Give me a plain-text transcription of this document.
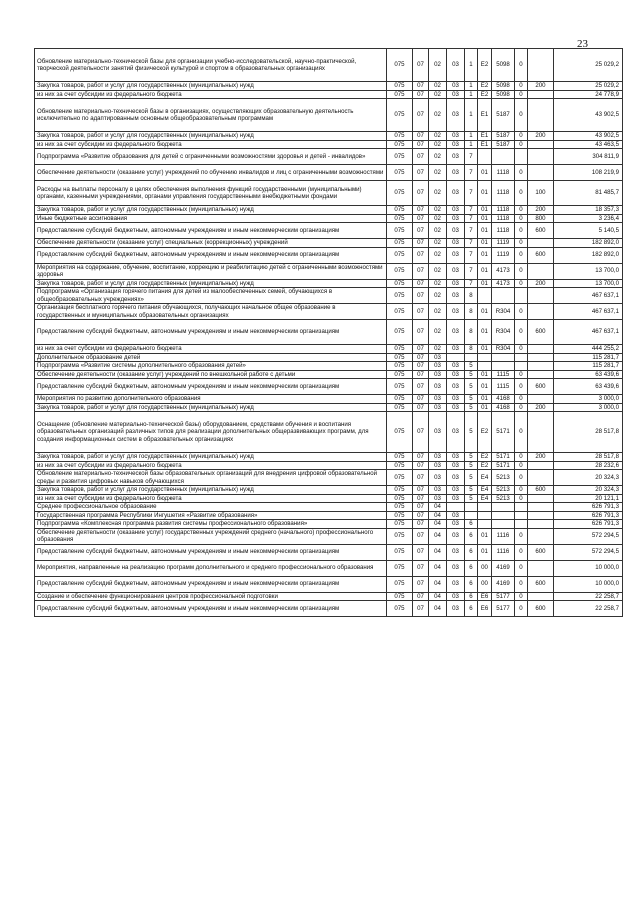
23
Обновление материально-технической базы для организации учебно-исследовательской, научно-практической, творческой деятельности занятий физической культурой и спортом в образовательных организациях	075	07	02	03	1	E2	5098	0		25 029,2
Закупка товаров, работ и услуг для государственных (муниципальных) нужд	075	07	02	03	1	E2	5098	0	200	25 029,2
из них за счет субсидии из федерального бюджета	075	07	02	03	1	E2	5098	0		24 778,9
Обновление материально-технической базы в организациях, осуществляющих образовательную деятельность исключительно по адаптированным основным общеобразовательным программам	075	07	02	03	1	E1	5187	0		43 902,5
Закупка товаров, работ и услуг для государственных (муниципальных) нужд	075	07	02	03	1	E1	5187	0	200	43 902,5
из них за счет субсидии из федерального бюджета	075	07	02	03	1	E1	5187	0		43 463,5
Подпрограмма «Развитие образования для детей с ограниченными возможностями здоровья и детей - инвалидов»	075	07	02	03	7					304 811,9
Обеспечение деятельности (оказание услуг) учреждений по обучению инвалидов и лиц с ограниченными возможностями	075	07	02	03	7	01	1118	0		108 219,9
Расходы на выплаты персоналу в целях обеспечения выполнения функций государственными (муниципальными) органами, казенными учреждениями, органами управления государственными внебюджетными фондами	075	07	02	03	7	01	1118	0	100	81 485,7
Закупка товаров, работ и услуг для государственных (муниципальных) нужд	075	07	02	03	7	01	1118	0	200	18 357,3
Иные бюджетные ассигнования	075	07	02	03	7	01	1118	0	800	3 236,4
Предоставление субсидий бюджетным, автономным учреждениям и иным некоммерческим организациям	075	07	02	03	7	01	1118	0	600	5 140,5
Обеспечение деятельности (оказание услуг) специальных (коррекционных) учреждений	075	07	02	03	7	01	1119	0		182 892,0
Предоставление субсидий бюджетным, автономным учреждениям и иным некоммерческим организациям	075	07	02	03	7	01	1119	0	600	182 892,0
Мероприятия на содержание, обучение, воспитание, коррекцию и реабилитацию детей с ограниченными возможностями здоровья	075	07	02	03	7	01	4173	0		13 700,0
Закупка товаров, работ и услуг для государственных (муниципальных) нужд	075	07	02	03	7	01	4173	0	200	13 700,0
Подпрограмма «Организация горячего питания для детей из малообеспеченных семей, обучающихся в общеобразовательных учреждениях»	075	07	02	03	8					467 637,1
Организация бесплатного горячего питания обучающихся, получающих начальное общее образование в государственных и муниципальных образовательных организациях	075	07	02	03	8	01	R304	0		467 637,1
Предоставление субсидий бюджетным, автономным учреждениям и иным некоммерческим организациям	075	07	02	03	8	01	R304	0	600	467 637,1
из них за счет субсидии из федерального бюджета	075	07	02	03	8	01	R304	0		444 255,2
Дополнительное образование детей	075	07	03							115 281,7
Подпрограмма «Развитие системы дополнительного образования детей»	075	07	03	03	5					115 281,7
Обеспечение деятельности (оказание услуг) учреждений по внешкольной работе с детьми	075	07	03	03	5	01	1115	0		63 439,6
Предоставление субсидий бюджетным, автономным учреждениям и иным некоммерческим организациям	075	07	03	03	5	01	1115	0	600	63 439,6
Мероприятия по развитию дополнительного образования	075	07	03	03	5	01	4168	0		3 000,0
Закупка товаров, работ и услуг для государственных (муниципальных) нужд	075	07	03	03	5	01	4168	0	200	3 000,0
Оснащение (обновление материально-технической базы) оборудованием, средствами обучения и воспитания образовательных организаций различных типов для реализации дополнительных общеразвивающих программ, для создания информационных систем в образовательных организациях	075	07	03	03	5	E2	5171	0		28 517,8
Закупка товаров, работ и услуг для государственных (муниципальных) нужд	075	07	03	03	5	E2	5171	0	200	28 517,8
из них за счет субсидии из федерального бюджета	075	07	03	03	5	E2	5171	0		28 232,6
Обновление материально-технической базы образовательных организаций для внедрения цифровой образовательной среды и развития цифровых навыков обучающихся	075	07	03	03	5	E4	5213	0		20 324,3
Закупка товаров, работ и услуг для государственных (муниципальных) нужд	075	07	03	03	5	E4	5213	0	600	20 324,3
из них за счет субсидии из федерального бюджета	075	07	03	03	5	E4	5213	0		20 121,1
Среднее профессиональное образование	075	07	04							626 791,3
Государственная программа Республики Ингушетия «Развитие образования»	075	07	04	03						626 791,3
Подпрограмма «Комплексная программа развития системы профессионального образования»	075	07	04	03	6					626 791,3
Обеспечение деятельности (оказание услуг) государственных учреждений среднего (начального) профессионального образования	075	07	04	03	6	01	1116	0		572 294,5
Предоставление субсидий бюджетным, автономным учреждениям и иным некоммерческим организациям	075	07	04	03	6	01	1116	0	600	572 294,5
Мероприятия, направленные на реализацию программ дополнительного и среднего профессионального образования	075	07	04	03	6	00	4169	0		10 000,0
Предоставление субсидий бюджетным, автономным учреждениям и иным некоммерческим организациям	075	07	04	03	6	00	4169	0	600	10 000,0
Создание и обеспечение функционирования центров профессиональной подготовки	075	07	04	03	6	E6	5177	0		22 258,7
Предоставление субсидий бюджетным, автономным учреждениям и иным некоммерческим организациям	075	07	04	03	6	E6	5177	0	600	22 258,7
